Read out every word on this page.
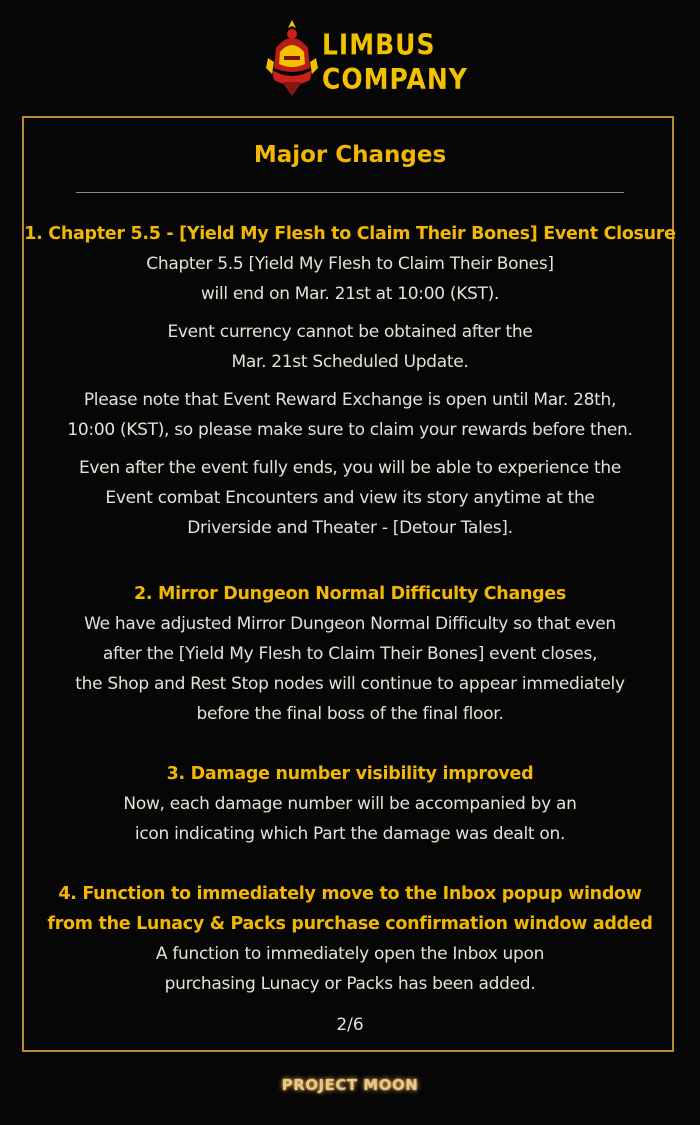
LIMBUS
COMPANY
Major Changes
1. Chapter 5.5 - [Yield My Flesh to Claim Their Bones] Event Closure
Chapter 5.5 [Yield My Flesh to Claim Their Bones]
will end on Mar. 21st at 10:00 (KST).
Event currency cannot be obtained after the
Mar. 21st Scheduled Update.
Please note that Event Reward Exchange is open until Mar. 28th,
10:00 (KST), so please make sure to claim your rewards before then.
Even after the event fully ends, you will be able to experience the
Event combat Encounters and view its story anytime at the
Driverside and Theater - [Detour Tales].
2. Mirror Dungeon Normal Difficulty Changes
We have adjusted Mirror Dungeon Normal Difficulty so that even
after the [Yield My Flesh to Claim Their Bones] event closes,
the Shop and Rest Stop nodes will continue to appear immediately
before the final boss of the final floor.
3. Damage number visibility improved
Now, each damage number will be accompanied by an
icon indicating which Part the damage was dealt on.
4. Function to immediately move to the Inbox popup window
from the Lunacy & Packs purchase confirmation window added
A function to immediately open the Inbox upon
purchasing Lunacy or Packs has been added.
2/6
PROJECT MOON
